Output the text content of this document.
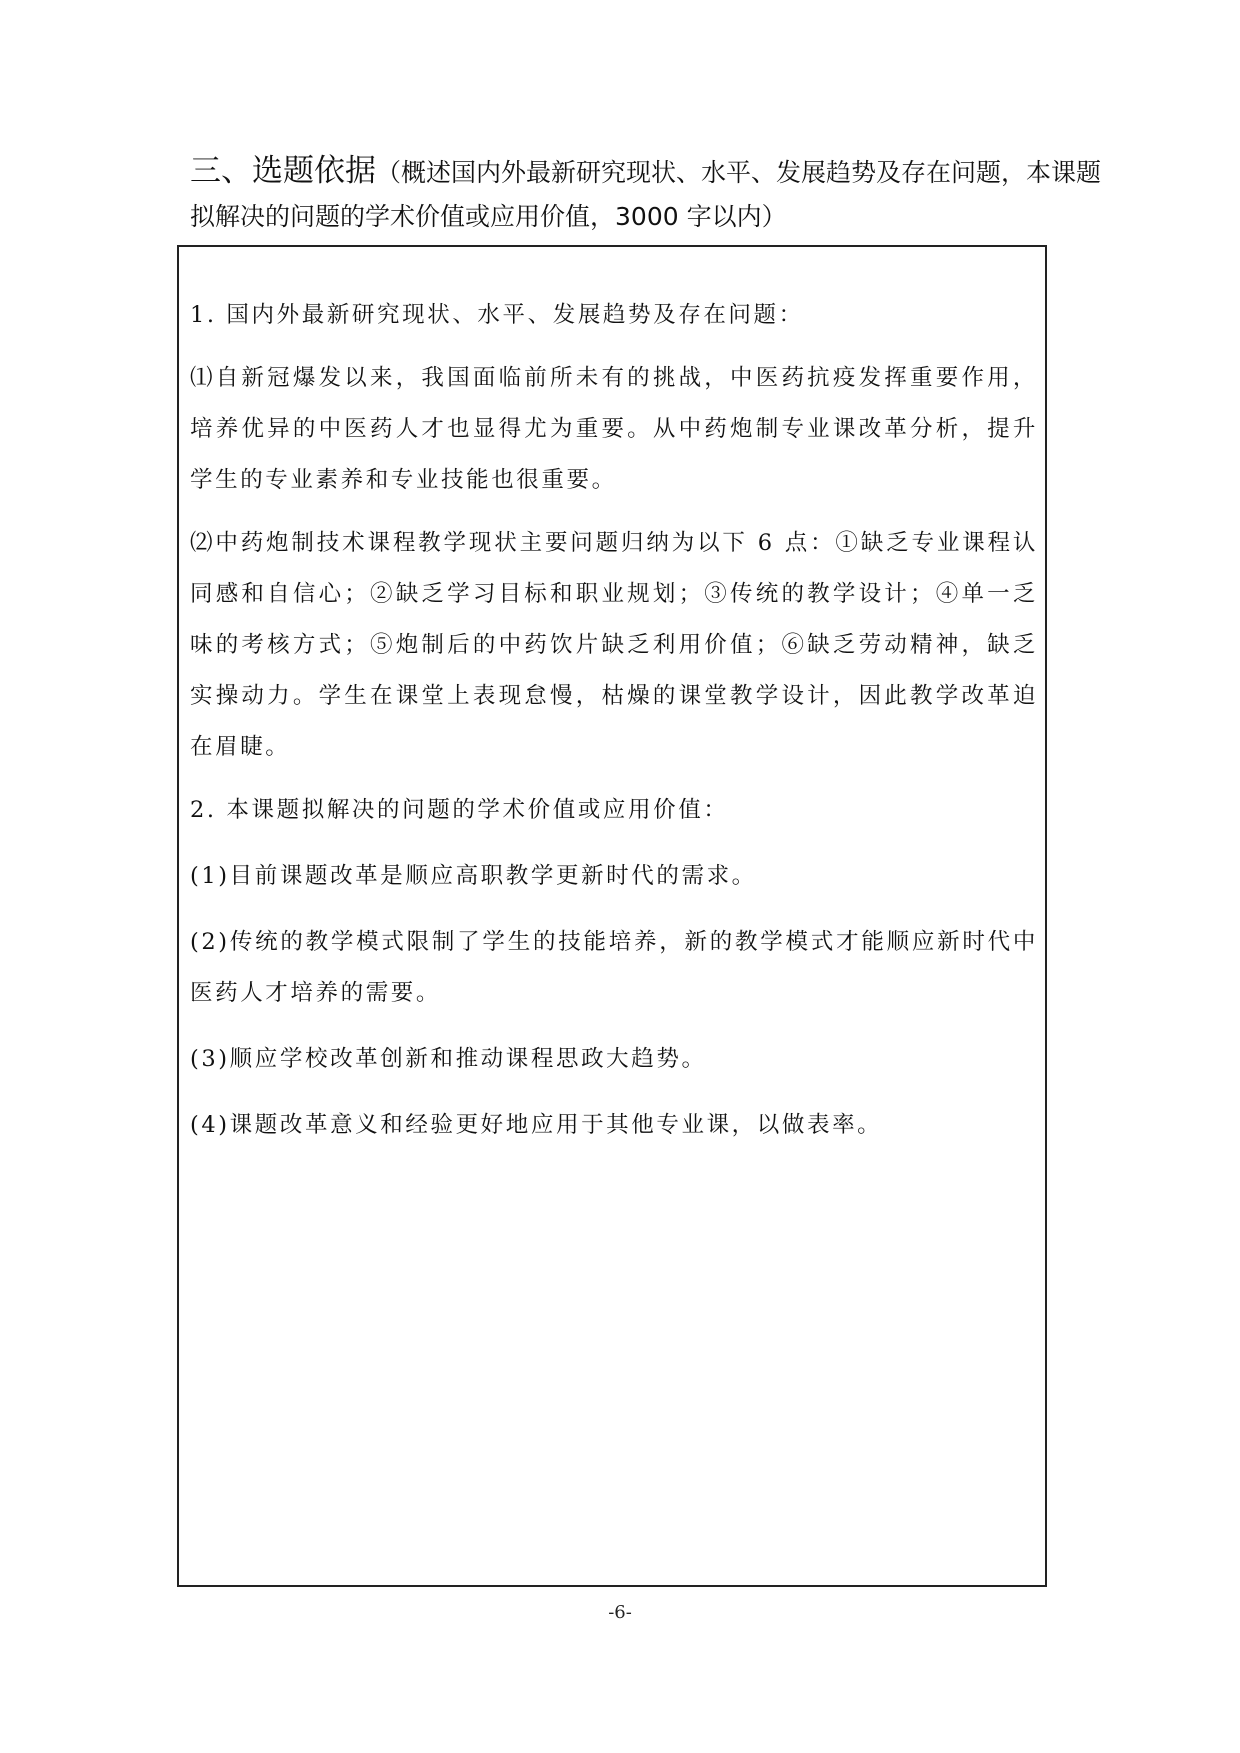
三、选题依据（概述国内外最新研究现状、水平、发展趋势及存在问题，本课题拟解决的问题的学术价值或应用价值，3000 字以内）

1. 国内外最新研究现状、水平、发展趋势及存在问题：

⑴自新冠爆发以来，我国面临前所未有的挑战，中医药抗疫发挥重要作用，培养优异的中医药人才也显得尤为重要。从中药炮制专业课改革分析，提升学生的专业素养和专业技能也很重要。

⑵中药炮制技术课程教学现状主要问题归纳为以下 6 点：①缺乏专业课程认同感和自信心；②缺乏学习目标和职业规划；③传统的教学设计；④单一乏味的考核方式；⑤炮制后的中药饮片缺乏利用价值；⑥缺乏劳动精神，缺乏实操动力。学生在课堂上表现怠慢，枯燥的课堂教学设计，因此教学改革迫在眉睫。

2. 本课题拟解决的问题的学术价值或应用价值：

(1)目前课题改革是顺应高职教学更新时代的需求。

(2)传统的教学模式限制了学生的技能培养，新的教学模式才能顺应新时代中医药人才培养的需要。

(3)顺应学校改革创新和推动课程思政大趋势。

(4)课题改革意义和经验更好地应用于其他专业课，以做表率。

-6-
